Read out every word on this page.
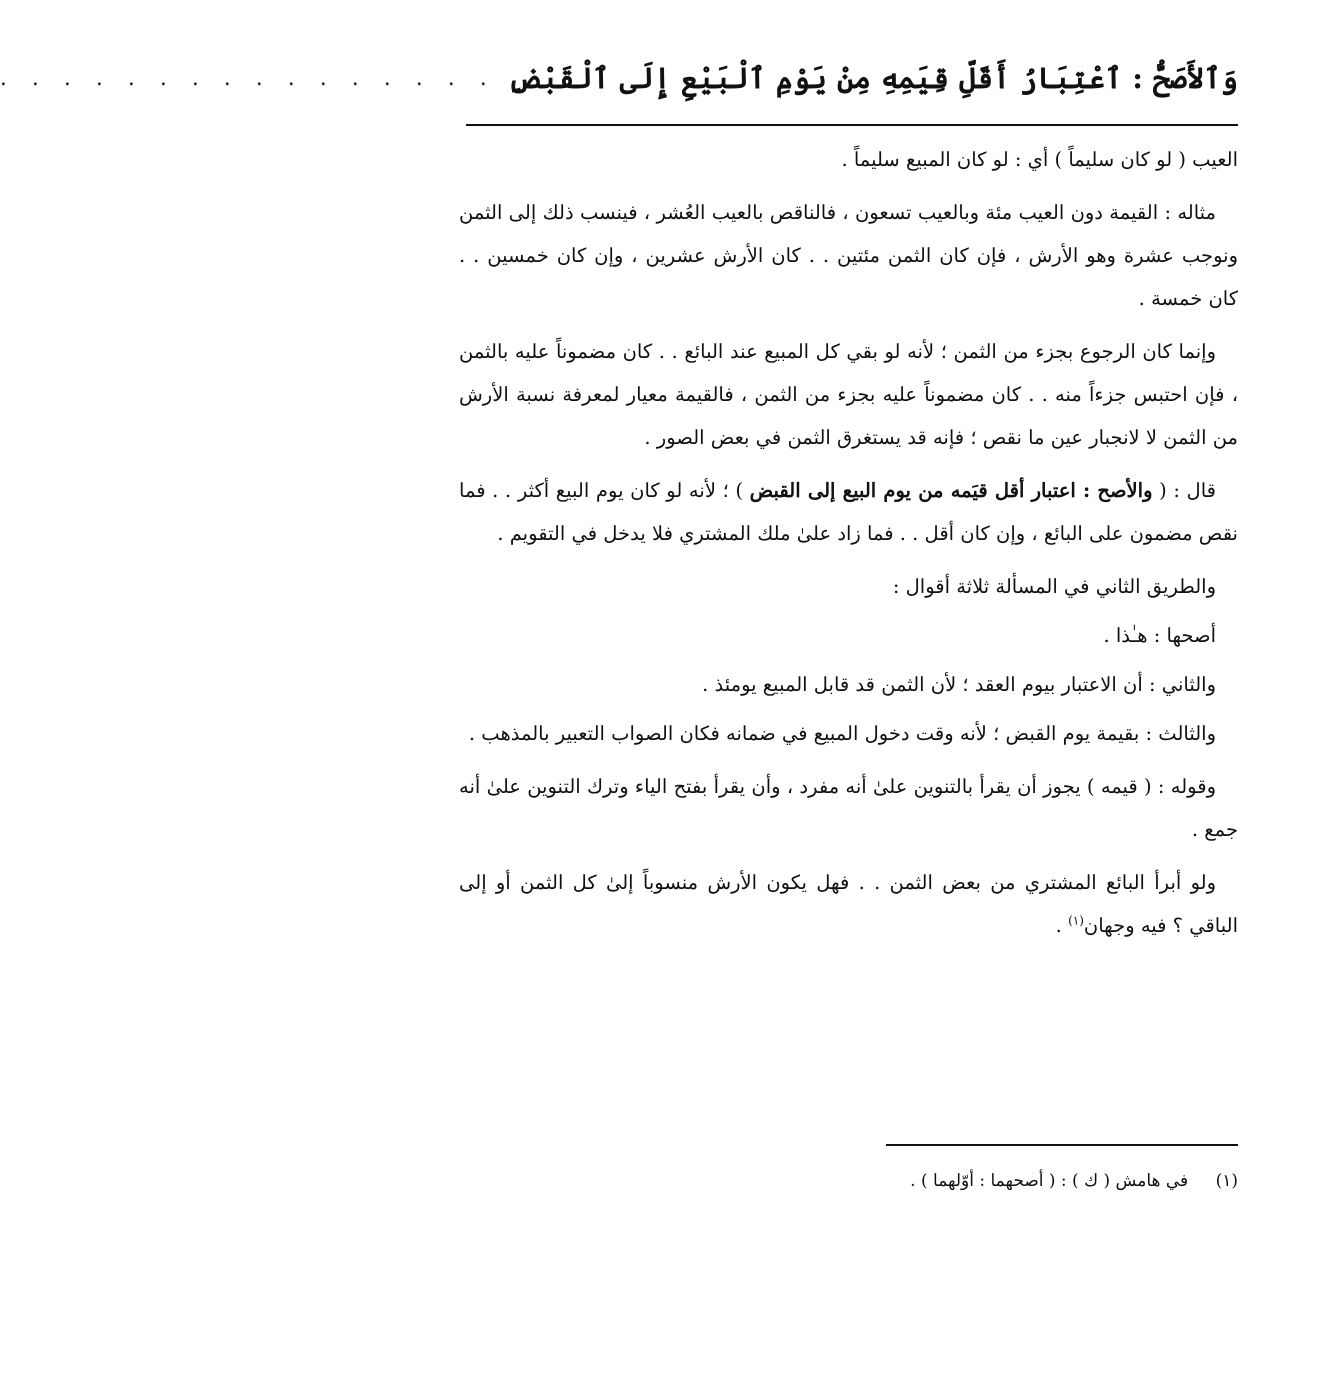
وَٱلأَصَحُّ : ٱعْتِبَارُ أَقَلِّ قِيَمِهِ مِنْ يَوْمِ ٱلْبَيْعِ إِلَى ٱلْقَبْضِ
. . . . . . . . . . . . . . . .

العيب ( لو كان سليماً ) أي : لو كان المبيع سليماً .

مثاله : القيمة دون العيب مئة وبالعيب تسعون ، فالناقص بالعيب العُشر ، فينسب ذلك إلى الثمن ونوجب عشرة وهو الأرش ، فإن كان الثمن مئتين . . كان الأرش عشرين ، وإن كان خمسين . . كان خمسة .

وإنما كان الرجوع بجزء من الثمن ؛ لأنه لو بقي كل المبيع عند البائع . . كان مضموناً عليه بالثمن ، فإن احتبس جزءاً منه . . كان مضموناً عليه بجزء من الثمن ، فالقيمة معيار لمعرفة نسبة الأرش من الثمن لا لانجبار عين ما نقص ؛ فإنه قد يستغرق الثمن في بعض الصور .

قال : ( والأصح : اعتبار أقل قيَمه من يوم البيع إلى القبض ) ؛ لأنه لو كان يوم البيع أكثر . . فما نقص مضمون على البائع ، وإن كان أقل . . فما زاد علىٰ ملك المشتري فلا يدخل في التقويم .

والطريق الثاني في المسألة ثلاثة أقوال :

أصحها : هـٰذا .

والثاني : أن الاعتبار بيوم العقد ؛ لأن الثمن قد قابل المبيع يومئذ .

والثالث : بقيمة يوم القبض ؛ لأنه وقت دخول المبيع في ضمانه فكان الصواب التعبير بالمذهب .

وقوله : ( قيمه ) يجوز أن يقرأ بالتنوين علىٰ أنه مفرد ، وأن يقرأ بفتح الياء وترك التنوين علىٰ أنه جمع .

ولو أبرأ البائع المشتري من بعض الثمن . . فهل يكون الأرش منسوباً إلىٰ كل الثمن أو إلى الباقي ؟ فيه وجهان$^{(١)}$ .

(١) في هامش ( ك ) : ( أصحهما : أوّلهما ) .
